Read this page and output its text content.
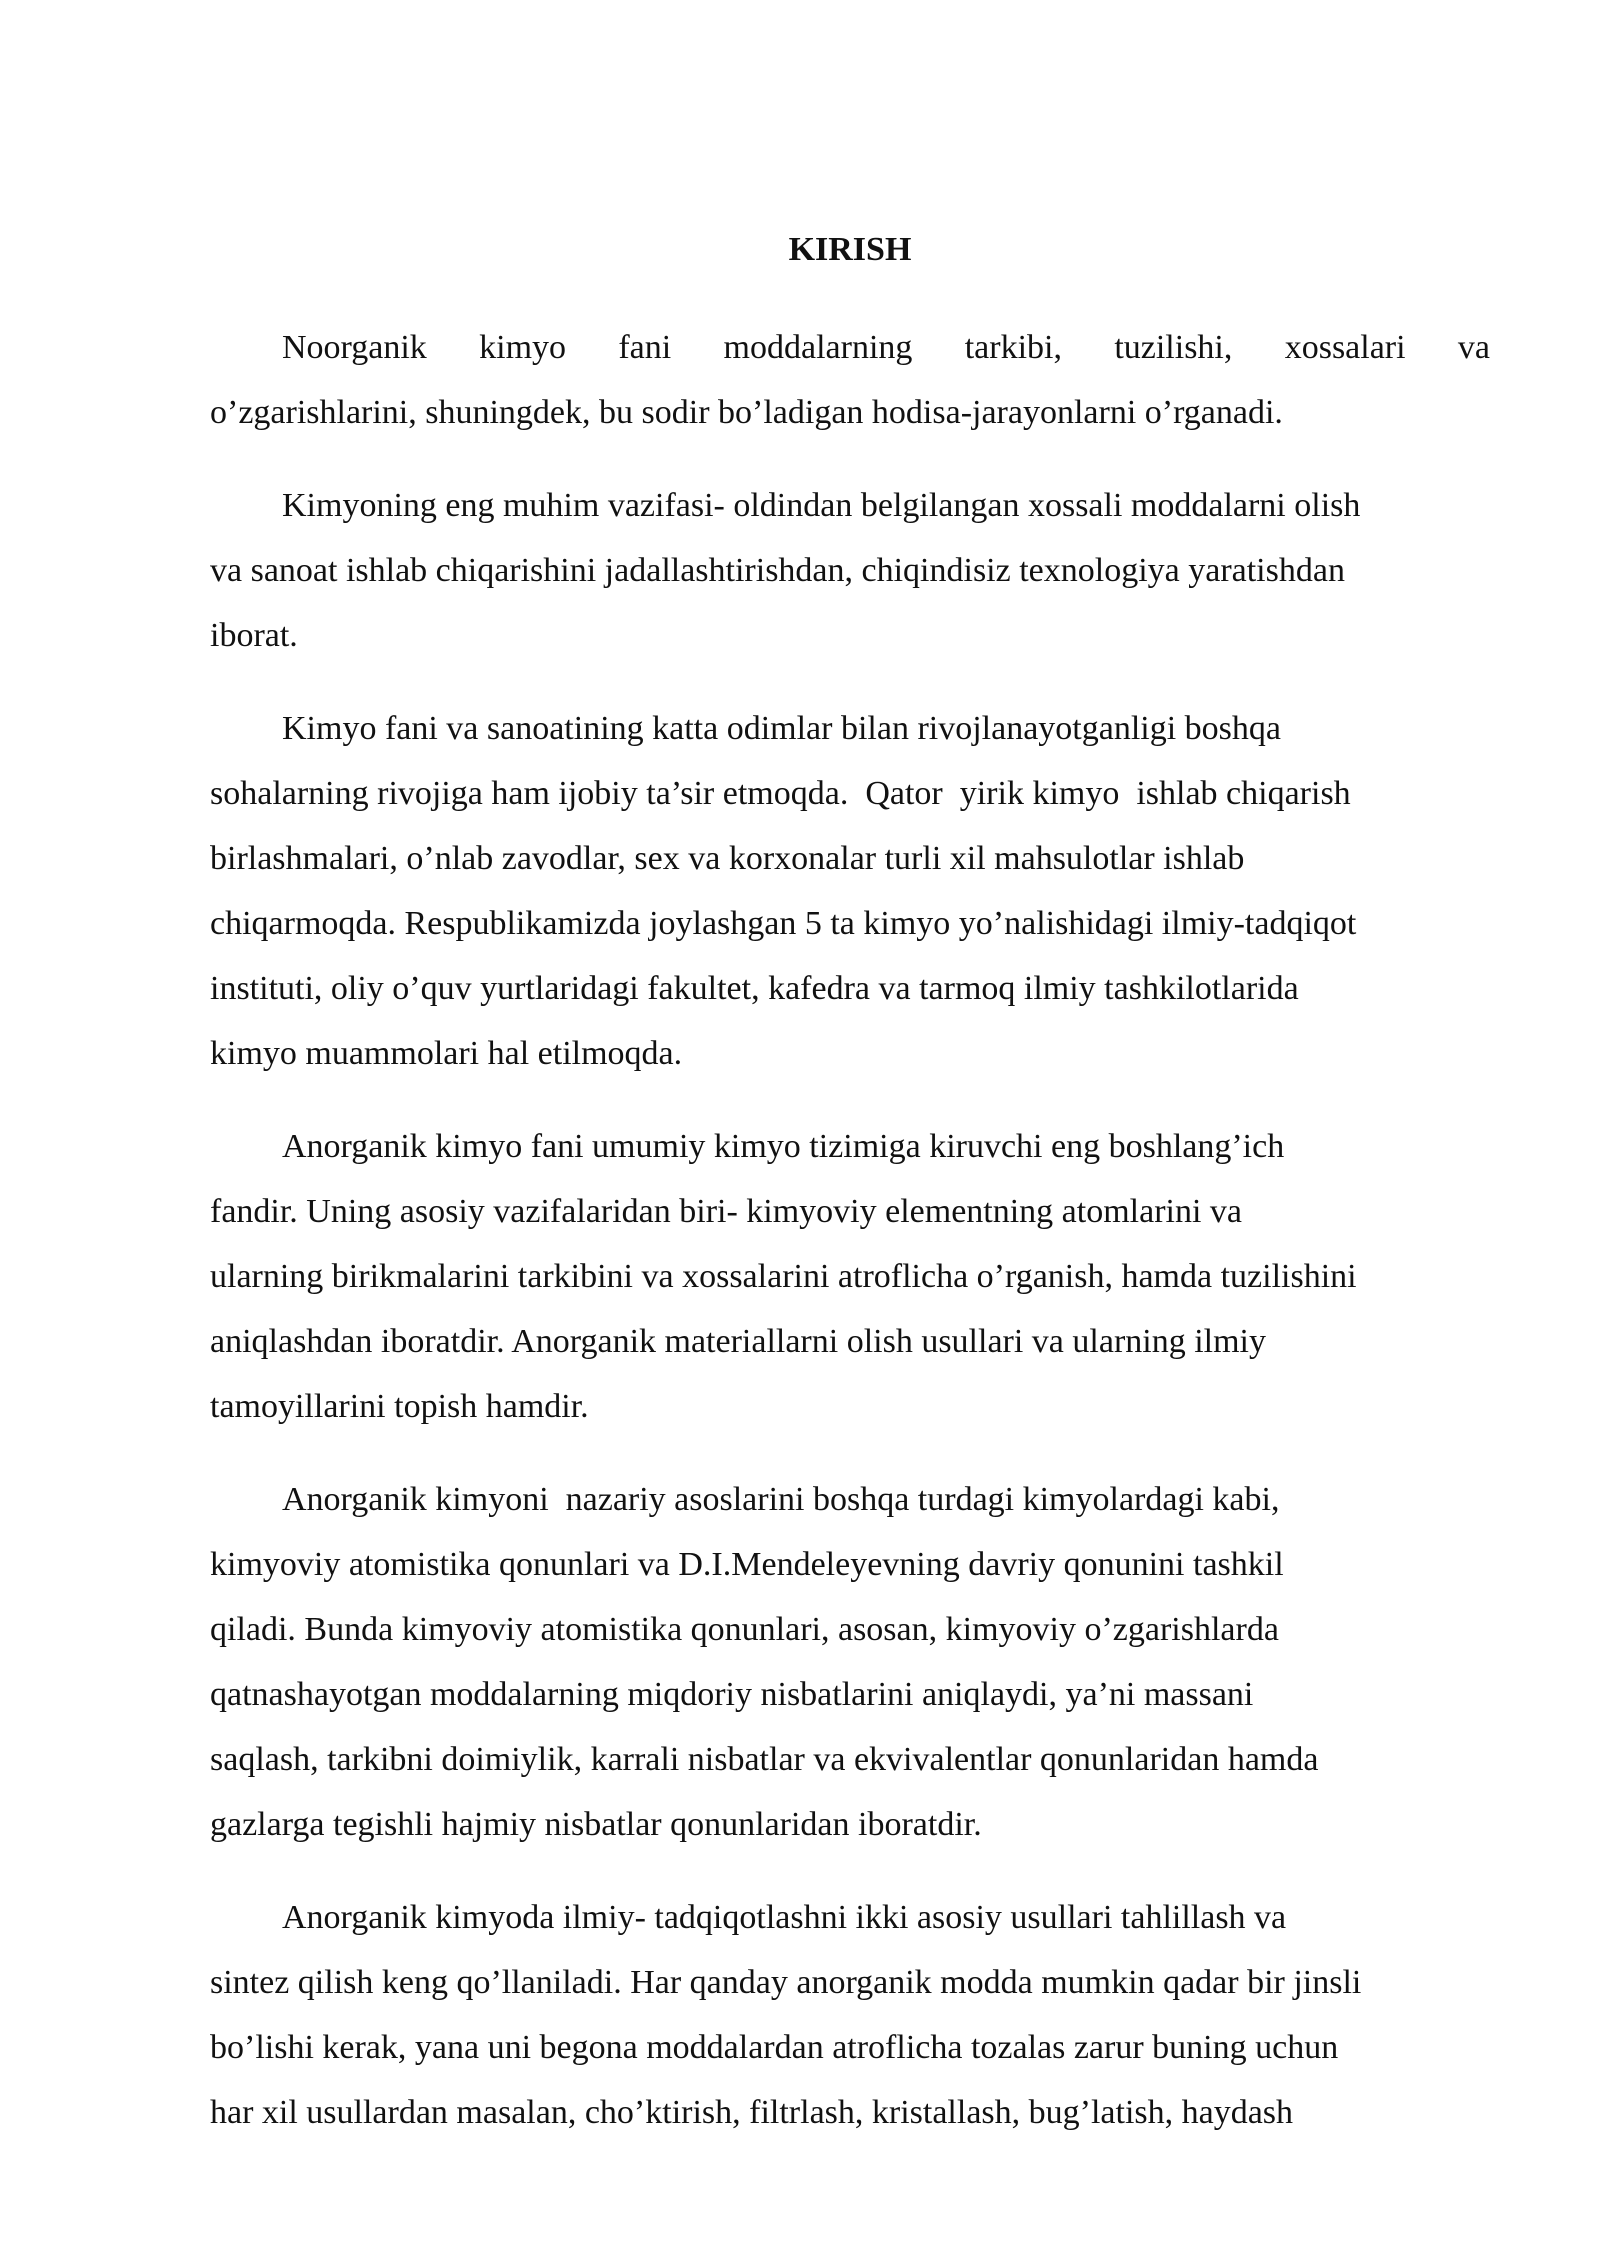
KIRISH
Noorganik kimyo fani moddalarning tarkibi, tuzilishi, xossalari va
o’zgarishlarini, shuningdek, bu sodir bo’ladigan hodisa-jarayonlarni o’rganadi.
Kimyoning eng muhim vazifasi- oldindan belgilangan xossali moddalarni olish
va sanoat ishlab chiqarishini jadallashtirishdan, chiqindisiz texnologiya yaratishdan
iborat.
Kimyo fani va sanoatining katta odimlar bilan rivojlanayotganligi boshqa
sohalarning rivojiga ham ijobiy ta’sir etmoqda.  Qator  yirik kimyo  ishlab chiqarish
birlashmalari, o’nlab zavodlar, sex va korxonalar turli xil mahsulotlar ishlab
chiqarmoqda. Respublikamizda joylashgan 5 ta kimyo yo’nalishidagi ilmiy-tadqiqot
instituti, oliy o’quv yurtlaridagi fakultet, kafedra va tarmoq ilmiy tashkilotlarida
kimyo muammolari hal etilmoqda.
Anorganik kimyo fani umumiy kimyo tizimiga kiruvchi eng boshlang’ich
fandir. Uning asosiy vazifalaridan biri- kimyoviy elementning atomlarini va
ularning birikmalarini tarkibini va xossalarini atroflicha o’rganish, hamda tuzilishini
aniqlashdan iboratdir. Anorganik materiallarni olish usullari va ularning ilmiy
tamoyillarini topish hamdir.
Anorganik kimyoni  nazariy asoslarini boshqa turdagi kimyolardagi kabi,
kimyoviy atomistika qonunlari va D.I.Mendeleyevning davriy qonunini tashkil
qiladi. Bunda kimyoviy atomistika qonunlari, asosan, kimyoviy o’zgarishlarda
qatnashayotgan moddalarning miqdoriy nisbatlarini aniqlaydi, ya’ni massani
saqlash, tarkibni doimiylik, karrali nisbatlar va ekvivalentlar qonunlaridan hamda
gazlarga tegishli hajmiy nisbatlar qonunlaridan iboratdir.
Anorganik kimyoda ilmiy- tadqiqotlashni ikki asosiy usullari tahlillash va
sintez qilish keng qo’llaniladi. Har qanday anorganik modda mumkin qadar bir jinsli
bo’lishi kerak, yana uni begona moddalardan atroflicha tozalas zarur buning uchun
har xil usullardan masalan, cho’ktirish, filtrlash, kristallash, bug’latish, haydash
